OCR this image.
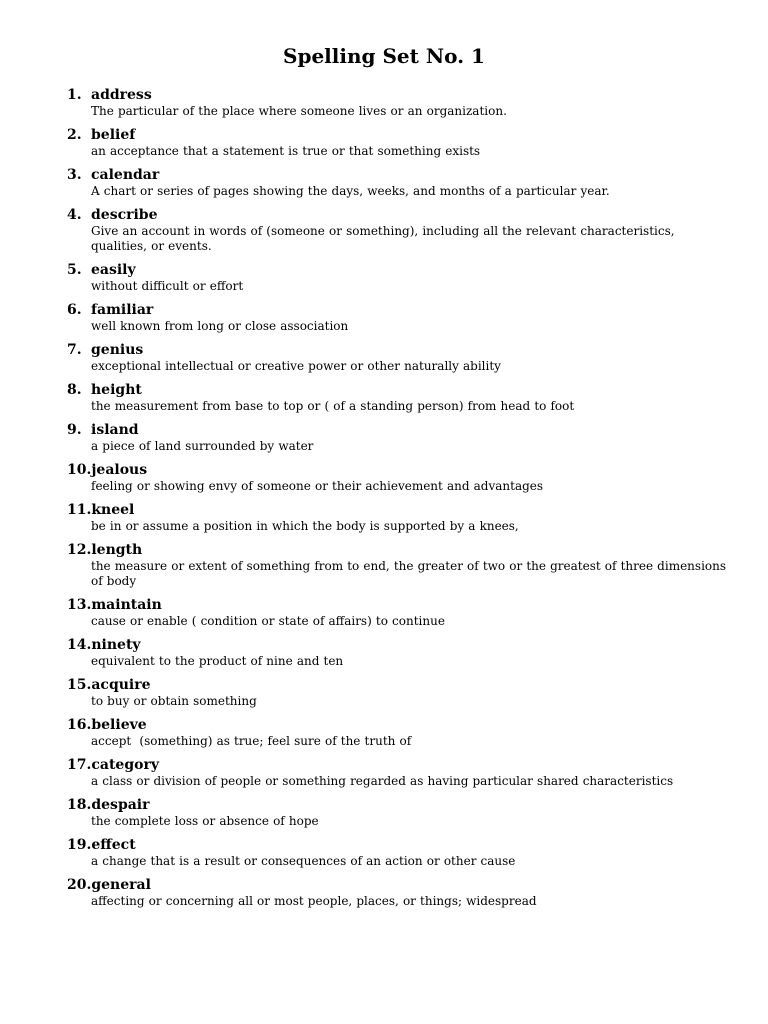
Spelling Set No. 1
1. address
The particular of the place where someone lives or an organization.
2. belief
an acceptance that a statement is true or that something exists
3. calendar
A chart or series of pages showing the days, weeks, and months of a particular year.
4. describe
Give an account in words of (someone or something), including all the relevant characteristics, qualities, or events.
5. easily
without difficult or effort
6. familiar
well known from long or close association
7. genius
exceptional intellectual or creative power or other naturally ability
8. height
the measurement from base to top or ( of a standing person) from head to foot
9. island
a piece of land surrounded by water
10.jealous
feeling or showing envy of someone or their achievement and advantages
11.kneel
be in or assume a position in which the body is supported by a knees,
12.length
the measure or extent of something from to end, the greater of two or the greatest of three dimensions of body
13.maintain
cause or enable ( condition or state of affairs) to continue
14.ninety
equivalent to the product of nine and ten
15.acquire
to buy or obtain something
16.believe
accept  (something) as true; feel sure of the truth of
17.category
a class or division of people or something regarded as having particular shared characteristics
18.despair
the complete loss or absence of hope
19.effect
a change that is a result or consequences of an action or other cause
20.general
affecting or concerning all or most people, places, or things; widespread
